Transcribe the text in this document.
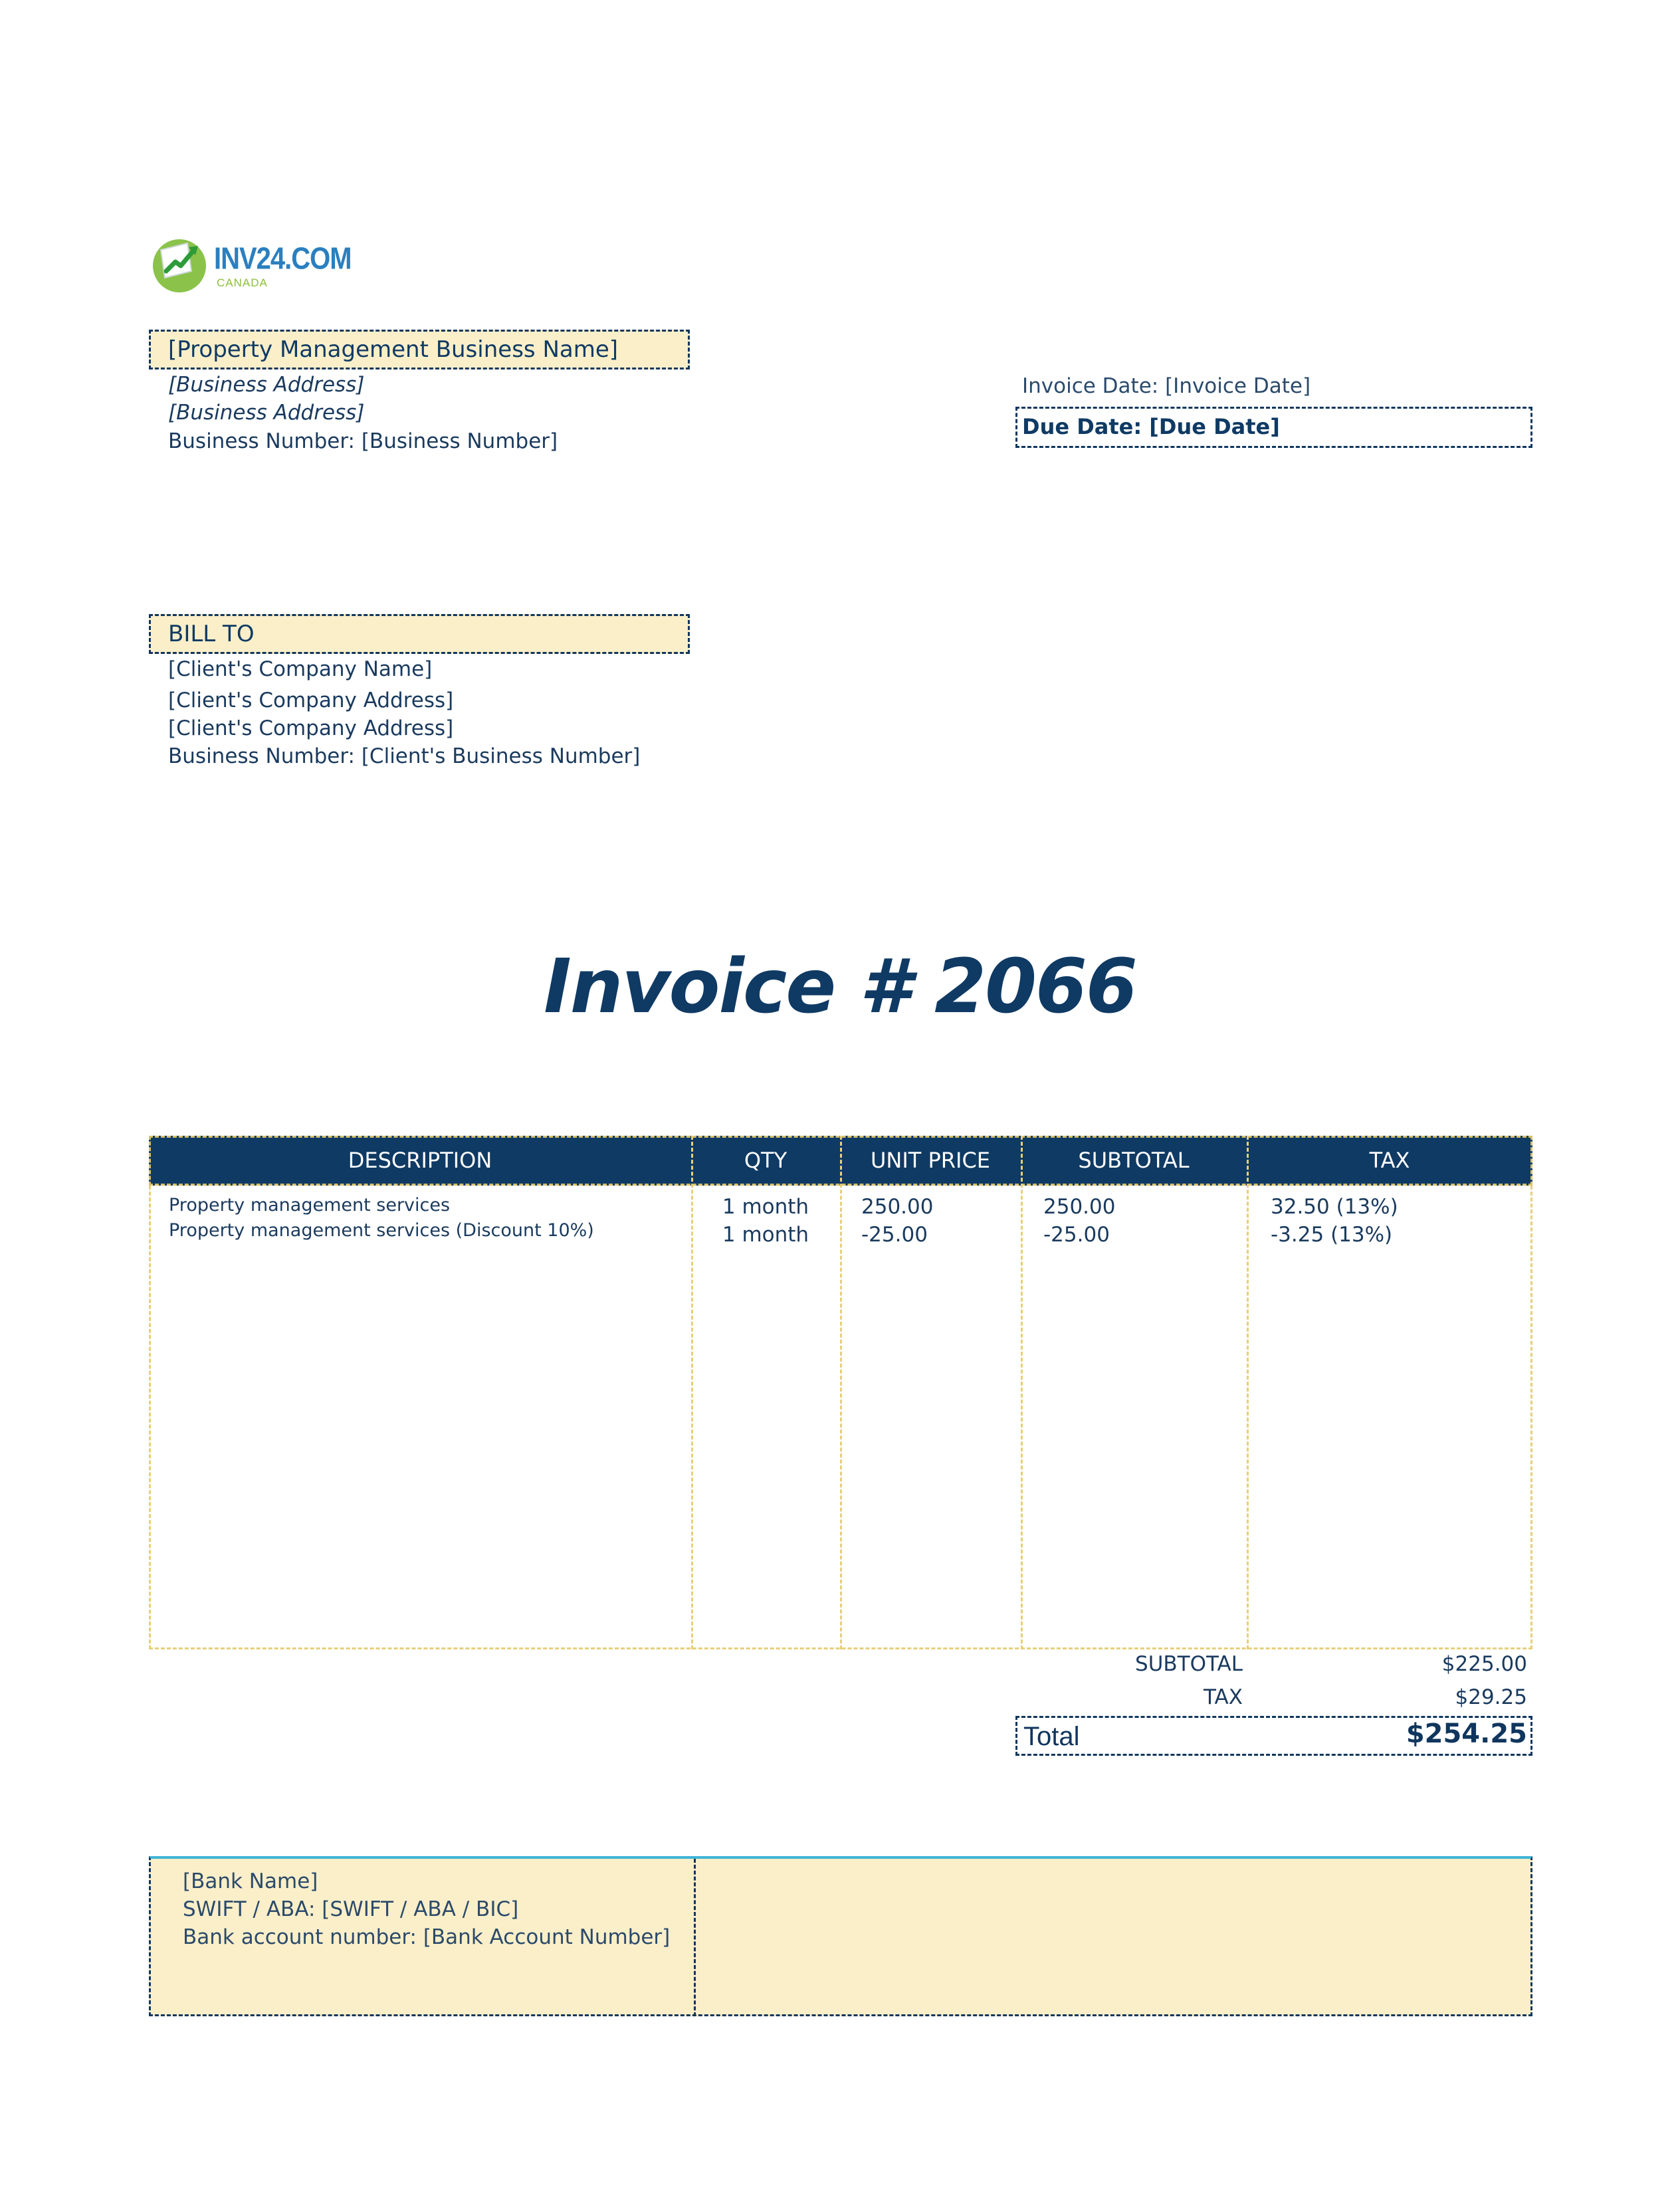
INV24.COM
CANADA
[Property Management Business Name]
[Business Address]
[Business Address]
Business Number: [Business Number]
Invoice Date: [Invoice Date]
Due Date: [Due Date]
BILL TO
[Client's Company Name]
[Client's Company Address]
[Client's Company Address]
Business Number: [Client's Business Number]
Invoice # 2066
DESCRIPTION	QTY	UNIT PRICE	SUBTOTAL	TAX
Property management services	1 month	250.00	250.00	32.50 (13%)
Property management services (Discount 10%)	1 month	-25.00	-25.00	-3.25 (13%)
SUBTOTAL	$225.00
TAX	$29.25
Total	$254.25
[Bank Name]
SWIFT / ABA: [SWIFT / ABA / BIC]
Bank account number: [Bank Account Number]
